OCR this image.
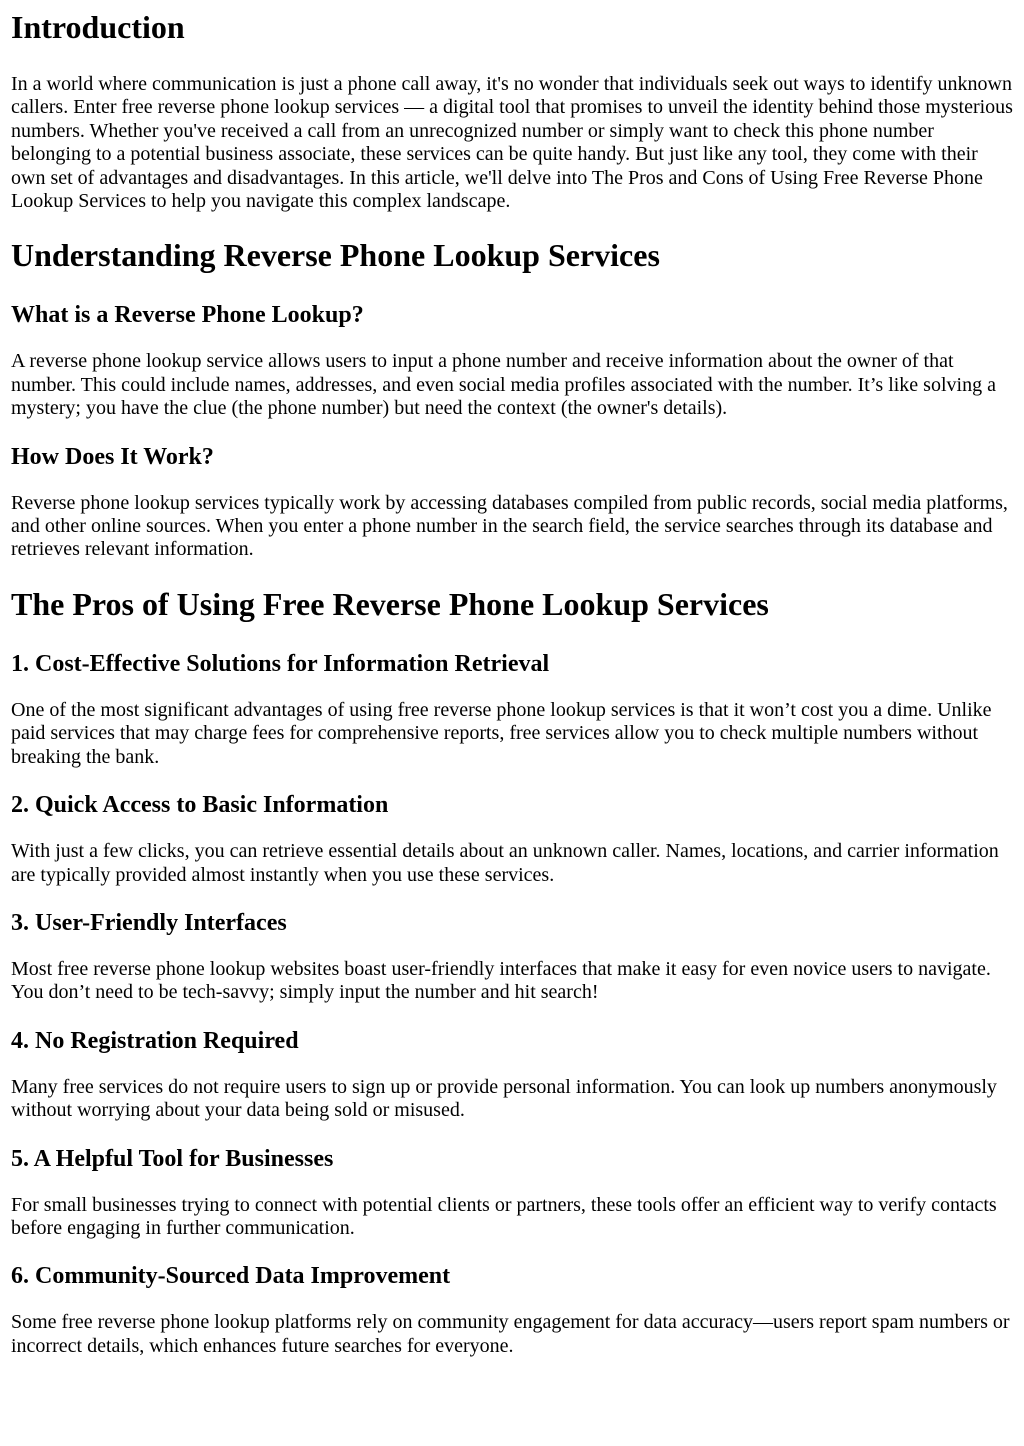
Introduction

In a world where communication is just a phone call away, it's no wonder that individuals seek out ways to identify unknown callers. Enter free reverse phone lookup services — a digital tool that promises to unveil the identity behind those mysterious numbers. Whether you've received a call from an unrecognized number or simply want to check this phone number belonging to a potential business associate, these services can be quite handy. But just like any tool, they come with their own set of advantages and disadvantages. In this article, we'll delve into The Pros and Cons of Using Free Reverse Phone Lookup Services to help you navigate this complex landscape.

Understanding Reverse Phone Lookup Services
What is a Reverse Phone Lookup?

A reverse phone lookup service allows users to input a phone number and receive information about the owner of that number. This could include names, addresses, and even social media profiles associated with the number. It’s like solving a mystery; you have the clue (the phone number) but need the context (the owner's details).

How Does It Work?

Reverse phone lookup services typically work by accessing databases compiled from public records, social media platforms, and other online sources. When you enter a phone number in the search field, the service searches through its database and retrieves relevant information.

The Pros of Using Free Reverse Phone Lookup Services
1. Cost-Effective Solutions for Information Retrieval

One of the most significant advantages of using free reverse phone lookup services is that it won’t cost you a dime. Unlike paid services that may charge fees for comprehensive reports, free services allow you to check multiple numbers without breaking the bank.

2. Quick Access to Basic Information

With just a few clicks, you can retrieve essential details about an unknown caller. Names, locations, and carrier information are typically provided almost instantly when you use these services.

3. User-Friendly Interfaces

Most free reverse phone lookup websites boast user-friendly interfaces that make it easy for even novice users to navigate. You don’t need to be tech-savvy; simply input the number and hit search!

4. No Registration Required

Many free services do not require users to sign up or provide personal information. You can look up numbers anonymously without worrying about your data being sold or misused.

5. A Helpful Tool for Businesses

For small businesses trying to connect with potential clients or partners, these tools offer an efficient way to verify contacts before engaging in further communication.

6. Community-Sourced Data Improvement

Some free reverse phone lookup platforms rely on community engagement for data accuracy—users report spam numbers or incorrect details, which enhances future searches for everyone.
